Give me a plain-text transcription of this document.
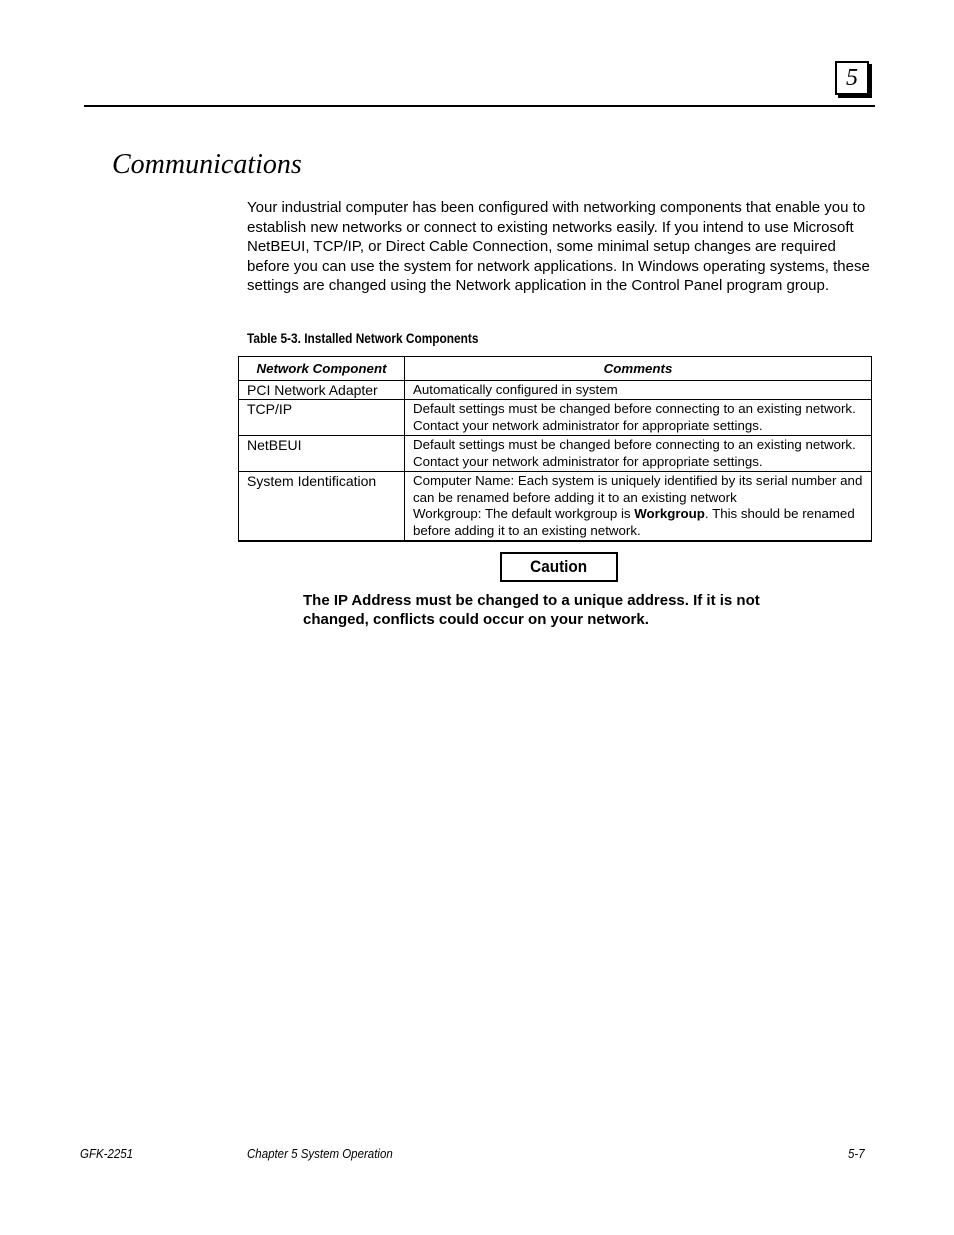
5
Communications

Your industrial computer has been configured with networking components that enable you to establish new networks or connect to existing networks easily. If you intend to use Microsoft NetBEUI, TCP/IP, or Direct Cable Connection, some minimal setup changes are required before you can use the system for network applications. In Windows operating systems, these settings are changed using the Network application in the Control Panel program group.

Table 5-3. Installed Network Components

Network Component	Comments
PCI Network Adapter	Automatically configured in system
TCP/IP	Default settings must be changed before connecting to an existing network. Contact your network administrator for appropriate settings.
NetBEUI	Default settings must be changed before connecting to an existing network. Contact your network administrator for appropriate settings.
System Identification	Computer Name: Each system is uniquely identified by its serial number and can be renamed before adding it to an existing network
Workgroup: The default workgroup is Workgroup. This should be renamed before adding it to an existing network.
Caution

The IP Address must be changed to a unique address. If it is not changed, conflicts could occur on your network.

GFK-2251	Chapter 5 System Operation	5-7
